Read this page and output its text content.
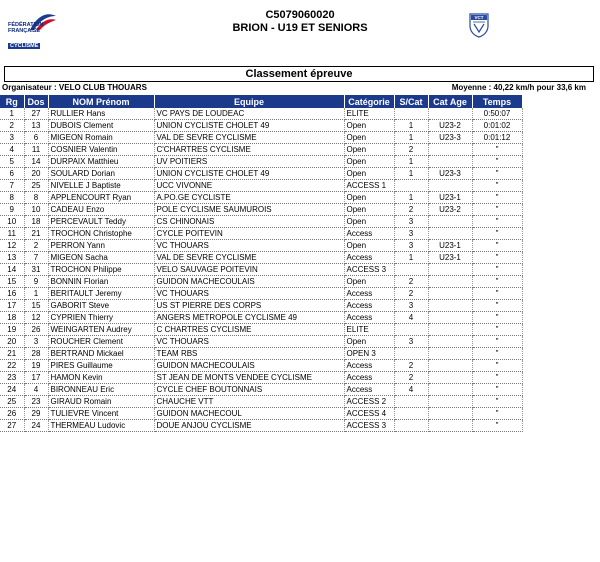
FÉDÉRATION
FRANÇAISE
CYCLISME
C5079060020
BRION - U19 ET SENIORS
VCT
Classement épreuve
Organisateur : VELO CLUB THOUARS	Moyenne : 40,22 km/h pour 33,6 km
Rg	Dos	NOM Prénom	Equipe	Catégorie	S/Cat	Cat Age	Temps
1	27	RULLIER Hans	VC PAYS DE LOUDEAC	ELITE			0:50:07
2	13	DUBOIS Clement	UNION CYCLISTE CHOLET 49	Open	1	U23-2	0:01:02
3	6	MIGEON Romain	VAL DE SEVRE CYCLISME	Open	1	U23-3	0:01:12
4	11	COSNIER Valentin	C'CHARTRES CYCLISME	Open	2		"
5	14	DURPAIX Matthieu	UV POITIERS	Open	1		"
6	20	SOULARD Dorian	UNION CYCLISTE CHOLET 49	Open	1	U23-3	"
7	25	NIVELLE J Baptiste	UCC VIVONNE	ACCESS 1			"
8	8	APPLENCOURT Ryan	A.PO.GE CYCLISTE	Open	1	U23-1	"
9	10	CADEAU Enzo	POLE CYCLISME SAUMUROIS	Open	2	U23-2	"
10	18	PERCEVAULT Teddy	CS CHINONAIS	Open	3		"
11	21	TROCHON Christophe	CYCLE POITEVIN	Access	3		"
12	2	PERRON Yann	VC THOUARS	Open	3	U23-1	"
13	7	MIGEON Sacha	VAL DE SEVRE CYCLISME	Access	1	U23-1	"
14	31	TROCHON Philippe	VELO SAUVAGE POITEVIN	ACCESS 3			"
15	9	BONNIN Florian	GUIDON MACHECOULAIS	Open	2		"
16	1	BERITAULT Jeremy	VC THOUARS	Access	2		"
17	15	GABORIT Steve	US ST PIERRE DES CORPS	Access	3		"
18	12	CYPRIEN Thierry	ANGERS METROPOLE CYCLISME 49	Access	4		"
19	26	WEINGARTEN Audrey	C CHARTRES CYCLISME	ELITE			"
20	3	ROUCHER Clement	VC THOUARS	Open	3		"
21	28	BERTRAND Mickael	TEAM RBS	OPEN 3			"
22	19	PIRES Guillaume	GUIDON MACHECOULAIS	Access	2		"
23	17	HAMON Kevin	ST JEAN DE MONTS VENDEE CYCLISME	Access	2		"
24	4	BIRONNEAU Eric	CYCLE CHEF BOUTONNAIS	Access	4		"
25	23	GIRAUD Romain	CHAUCHE VTT	ACCESS 2			"
26	29	TULIEVRE Vincent	GUIDON MACHECOUL	ACCESS 4			"
27	24	THERMEAU Ludovic	DOUE ANJOU CYCLISME	ACCESS 3			"
